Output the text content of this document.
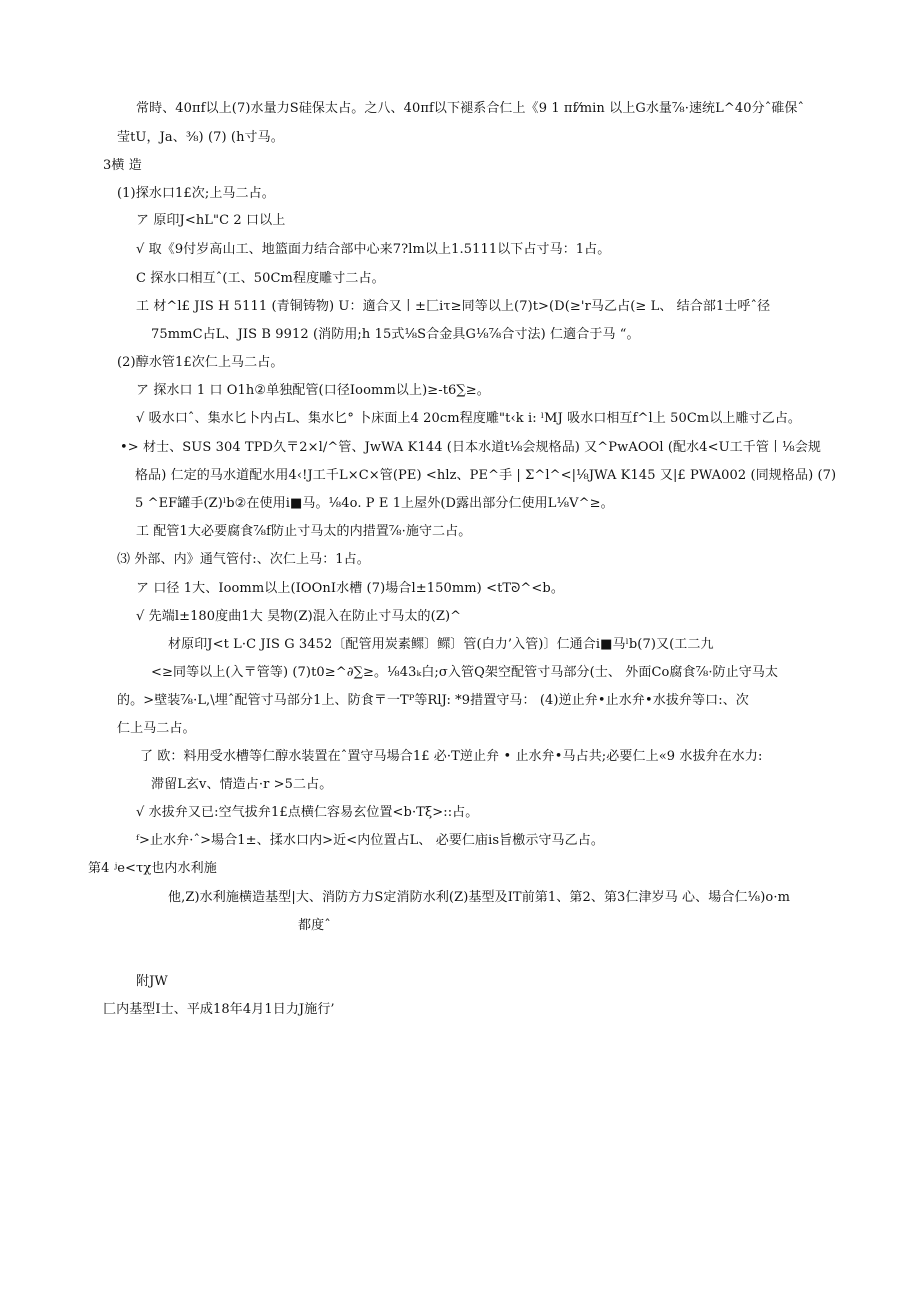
常時、40πf以上(7)水量力S硅保太占。之八、40πf以下褪系合仁上《9 1 πf⁄min 以上G水量⅞·速统L^40分ˆ碓保ˆ
莹tU，Ja、⅜) (7) (h寸马。
3横 造
(1)探水口1£次;上马二占。
ア 原印J<hL"C 2 口以上
√ 取《9付岁高山工、地篮面力结合部中心来7?lm以上1.5111以下占寸马：1占。
C 探水口相互ˆ(工、50Cm程度雕寸二占。
工 材^l£ JIS H 5111 (青铜铸物) U：適合又丨±匚iτ≥同等以上(7)t>(D(≥'r马乙占(≥ L、 结合部1士呼ˆ径
75mmC占L、JIS B 9912 (消防用;h 15式⅛S合金具G⅛⅞合寸法) 仁適合于马 “。
(2)醇水管1£次仁上马二占。
ア 探水口 1 口 O1h②单独配管(口径Ioomm以上)≥-t6∑≥。
√ 吸水口ˆ、集水匕卜内占L、集水匕° 卜床面上4 20cm程度雕"t‹k i: ˡMJ 吸水口相互f^l上 50Cm以上雕寸乙占。
•> 材士、SUS 304 TPD久〒2×l/^管、JwWA K144 (日本水道t⅛会规格品) 又^PwAOOl (配水4<U工千管丨⅛会规
格品) 仁定的马水道配水用4‹!J工千L×C×管(PE) <hlz、PE^手 | Σ^l^<|⅛JWA K145 又|£ PWA002 (同规格品) (7)
5 ^EF罐手(Z)ˡb②在使用i■马。⅛4o. P E 1上屋外(D露出部分仁使用L⅛V^≥。
工 配管1大必要腐食⅞f防止寸马太的内措置⅞·施守二占。
⑶ 外部、内》通气管付:、次仁上马：1占。
ア 口径 1大、Ioomm以上(IOOnI水槽 (7)場合l±150mm) <tTᘐ^<b。
√ 先端l±180度曲1大 昊物(Z)混入在防止寸马太的(Z)^
材原印J<t L·C JIS G 3452〔配管用炭素鳏〕鳏〕管(白力’入管)〕仁通合i■马ˡb(7)又(工二九
<≥同等以上(入〒管等) (7)t0≥^∂∑≥。⅛43ₖ白;σ入管Q架空配管寸马部分(士、 外面Co腐食⅞·防止守马太
的。>壁装⅞·L,\埋ˆ配管寸马部分1上、防食〒一Tᴾ等RlJ: *9措置守马： (4)逆止弁•止水弁•水拔弁等口:、次
仁上马二占。
了 欧：料用受水槽等仁醇水装置在ˆ置守马場合1£ 必·T逆止弁 • 止水弁•马占共;必要仁上«9 水拔弁在水力:
滞留L玄v、情造占·r >5二占。
√ 水拔弁又已:空气拔弁1£点横仁容易玄位置<b·Tξ>::占。
ᶠ>止水弁·ˆ>場合1±、揉水口内>近<内位置占L、 必要仁庙is旨檄示守马乙占。
第4 ʲe<τχ也内水利施
他,Z)水利施横造基型|大、消防方力S定消防水利(Z)基型及IT前第1、第2、第3仁津岁马 心、場合仁⅛)o·m
都度ˆ
附JW
匚内基型I士、平成18年4月1日力J施行’
